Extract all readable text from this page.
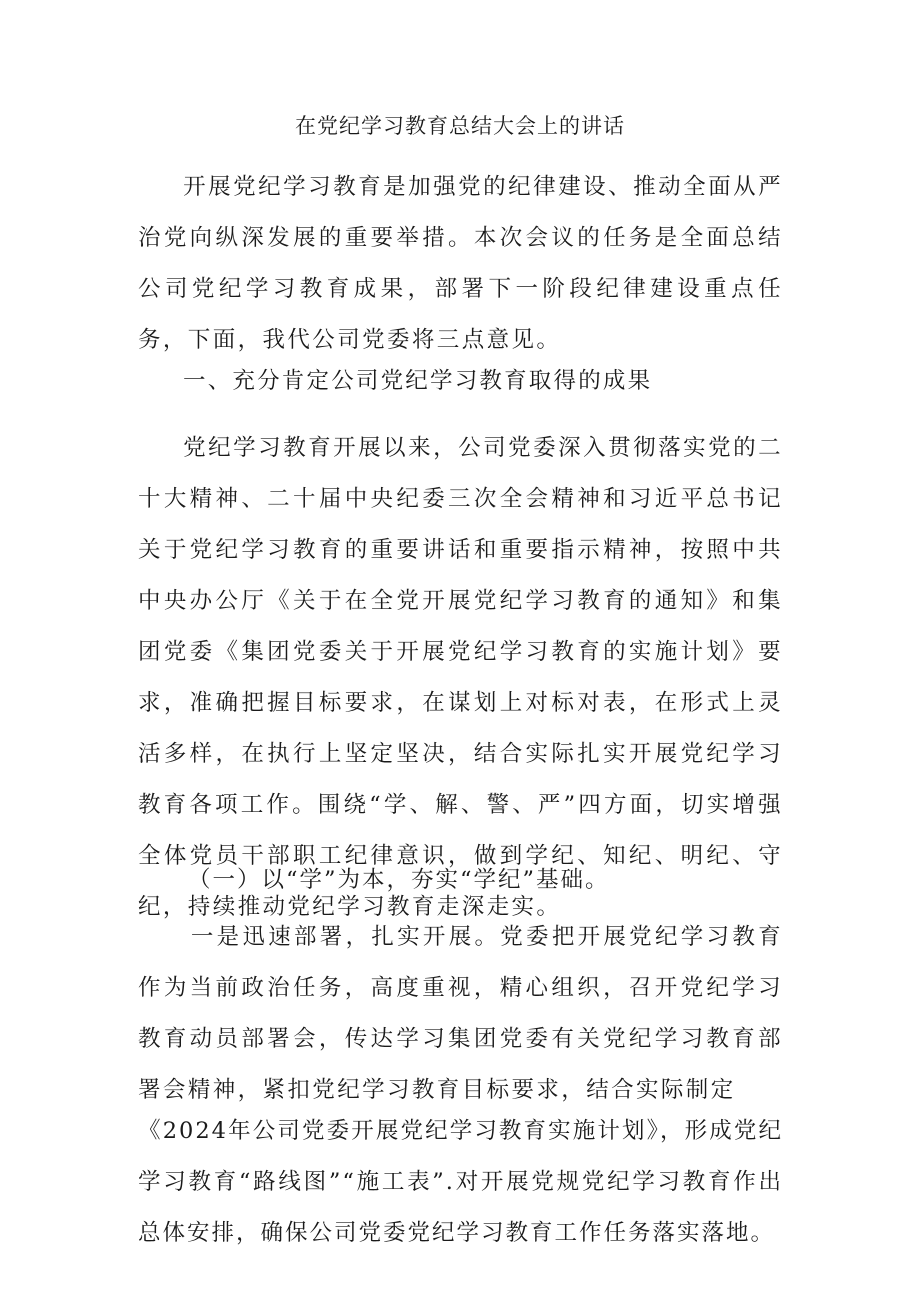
在党纪学习教育总结大会上的讲话

开展党纪学习教育是加强党的纪律建设、推动全面从严治党向纵深发展的重要举措。本次会议的任务是全面总结公司党纪学习教育成果，部署下一阶段纪律建设重点任务，下面，我代公司党委将三点意见。

一、充分肯定公司党纪学习教育取得的成果

党纪学习教育开展以来，公司党委深入贯彻落实党的二十大精神、二十届中央纪委三次全会精神和习近平总书记关于党纪学习教育的重要讲话和重要指示精神，按照中共中央办公厅《关于在全党开展党纪学习教育的通知》和集团党委《集团党委关于开展党纪学习教育的实施计划》要求，准确把握目标要求，在谋划上对标对表，在形式上灵活多样，在执行上坚定坚决，结合实际扎实开展党纪学习教育各项工作。围绕“学、解、警、严”四方面，切实增强全体党员干部职工纪律意识，做到学纪、知纪、明纪、守纪，持续推动党纪学习教育走深走实。

（一）以“学”为本，夯实“学纪”基础。

一是迅速部署，扎实开展。党委把开展党纪学习教育作为当前政治任务，高度重视，精心组织，召开党纪学习教育动员部署会，传达学习集团党委有关党纪学习教育部署会精神，紧扣党纪学习教育目标要求，结合实际制定

《2024年公司党委开展党纪学习教育实施计划》，形成党纪学习教育“路线图”“施工表”.对开展党规党纪学习教育作出总体安排，确保公司党委党纪学习教育工作任务落实落地。
